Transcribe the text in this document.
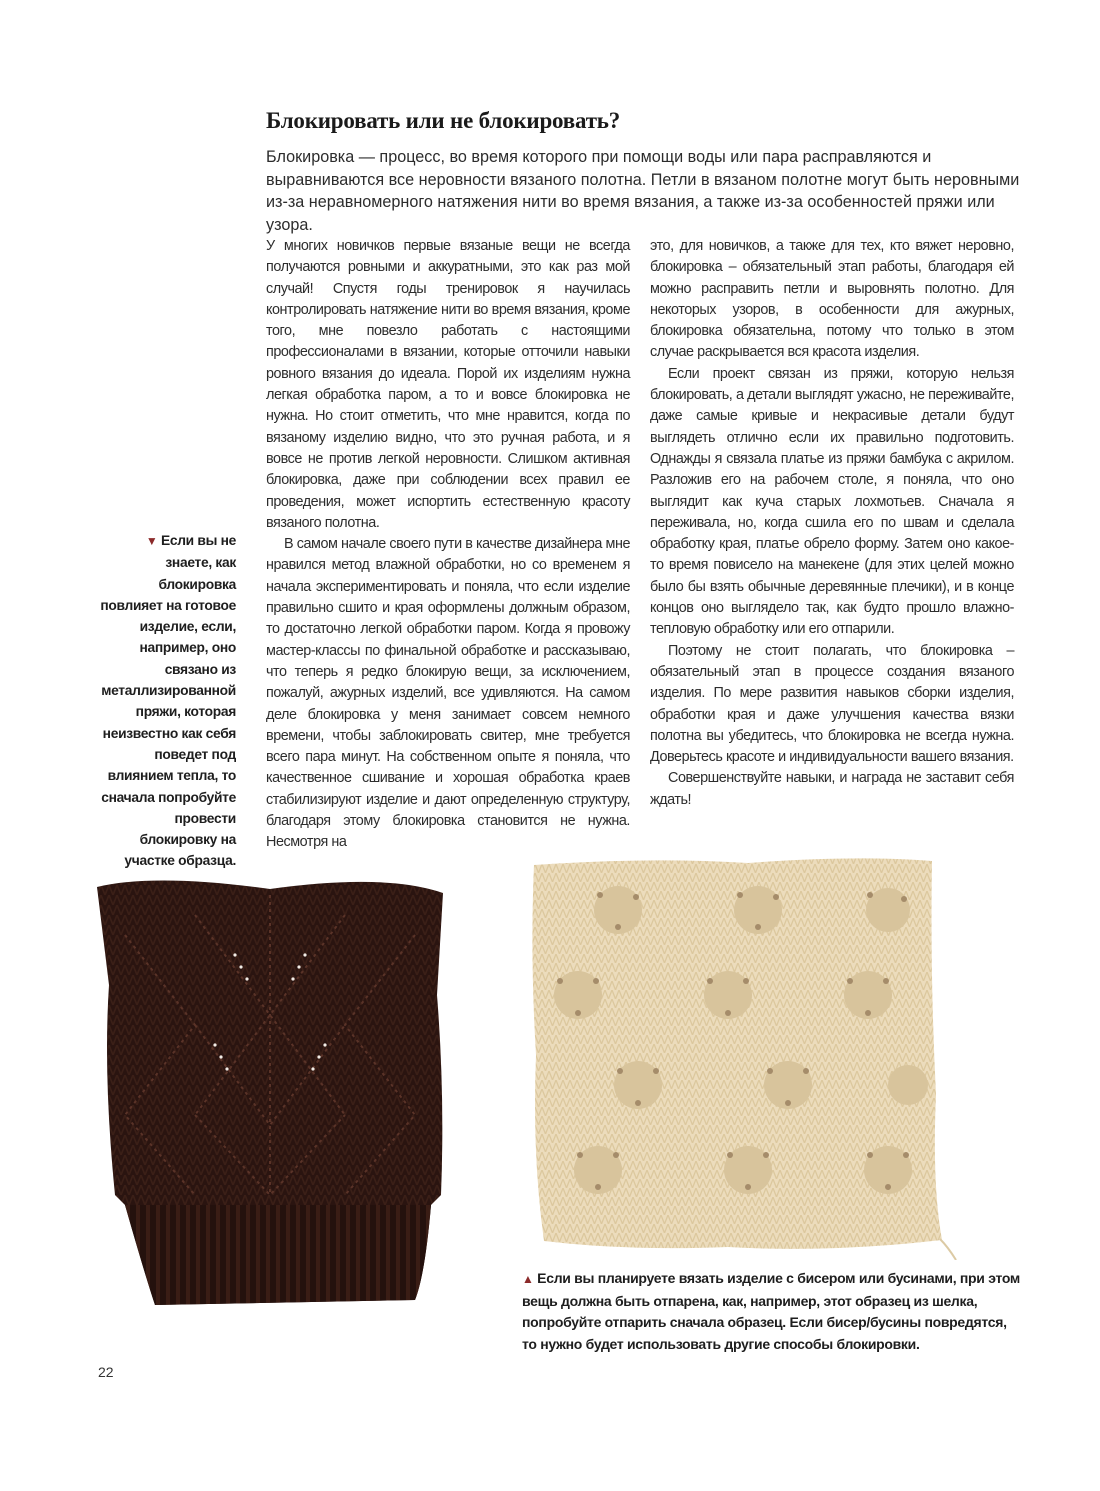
Блокировать или не блокировать?

Блокировка — процесс, во время которого при помощи воды или пара расправляются и выравниваются все неровности вязаного полотна. Петли в вязаном полотне могут быть неровными из-за неравномерного натяжения нити во время вязания, а также из-за особенностей пряжи или узора.

У многих новичков первые вязаные вещи не всегда получаются ровными и аккуратными, это как раз мой случай! Спустя годы тренировок я научилась контролировать натяжение нити во время вязания, кроме того, мне повезло работать с настоящими профессионалами в вязании, которые отточили навыки ровного вязания до идеала. Порой их изделиям нужна легкая обработка паром, а то и вовсе блокировка не нужна. Но стоит отметить, что мне нравится, когда по вязаному изделию видно, что это ручная работа, и я вовсе не против легкой неровности. Слишком активная блокировка, даже при соблюдении всех правил ее проведения, может испортить естественную красоту вязаного полотна.

В самом начале своего пути в качестве дизайнера мне нравился метод влажной обработки, но со временем я начала экспериментировать и поняла, что если изделие правильно сшито и края оформлены должным образом, то достаточно легкой обработки паром. Когда я провожу мастер-классы по финальной обработке и рассказываю, что теперь я редко блокирую вещи, за исключением, пожалуй, ажурных изделий, все удивляются. На самом деле блокировка у меня занимает совсем немного времени, чтобы заблокировать свитер, мне требуется всего пара минут. На собственном опыте я поняла, что качественное сшивание и хорошая обработка краев стабилизируют изделие и дают определенную структуру, благодаря этому блокировка становится не нужна. Несмотря на

это, для новичков, а также для тех, кто вяжет неровно, блокировка – обязательный этап работы, благодаря ей можно расправить петли и выровнять полотно. Для некоторых узоров, в особенности для ажурных, блокировка обязательна, потому что только в этом случае раскрывается вся красота изделия.

Если проект связан из пряжи, которую нельзя блокировать, а детали выглядят ужасно, не переживайте, даже самые кривые и некрасивые детали будут выглядеть отлично если их правильно подготовить. Однажды я связала платье из пряжи бамбука с акрилом. Разложив его на рабочем столе, я поняла, что оно выглядит как куча старых лохмотьев. Сначала я переживала, но, когда сшила его по швам и сделала обработку края, платье обрело форму. Затем оно какое-то время повисело на манекене (для этих целей можно было бы взять обычные деревянные плечики), и в конце концов оно выглядело так, как будто прошло влажно-тепловую обработку или его отпарили.

Поэтому не стоит полагать, что блокировка – обязательный этап в процессе создания вязаного изделия. По мере развития навыков сборки изделия, обработки края и даже улучшения качества вязки полотна вы убедитесь, что блокировка не всегда нужна. Доверьтесь красоте и индивидуальности вашего вязания.

Совершенствуйте навыки, и награда не заставит себя ждать!

▼ Если вы не знаете, как блокировка повлияет на готовое изделие, если, например, оно связано из металлизированной пряжи, которая неизвестно как себя поведет под влиянием тепла, то сначала попробуйте провести блокировку на участке образца.
▲ Если вы планируете вязать изделие с бисером или бусинами, при этом вещь должна быть отпарена, как, например, этот образец из шелка, попробуйте отпарить сначала образец. Если бисер/бусины повредятся, то нужно будет использовать другие способы блокировки.
22
